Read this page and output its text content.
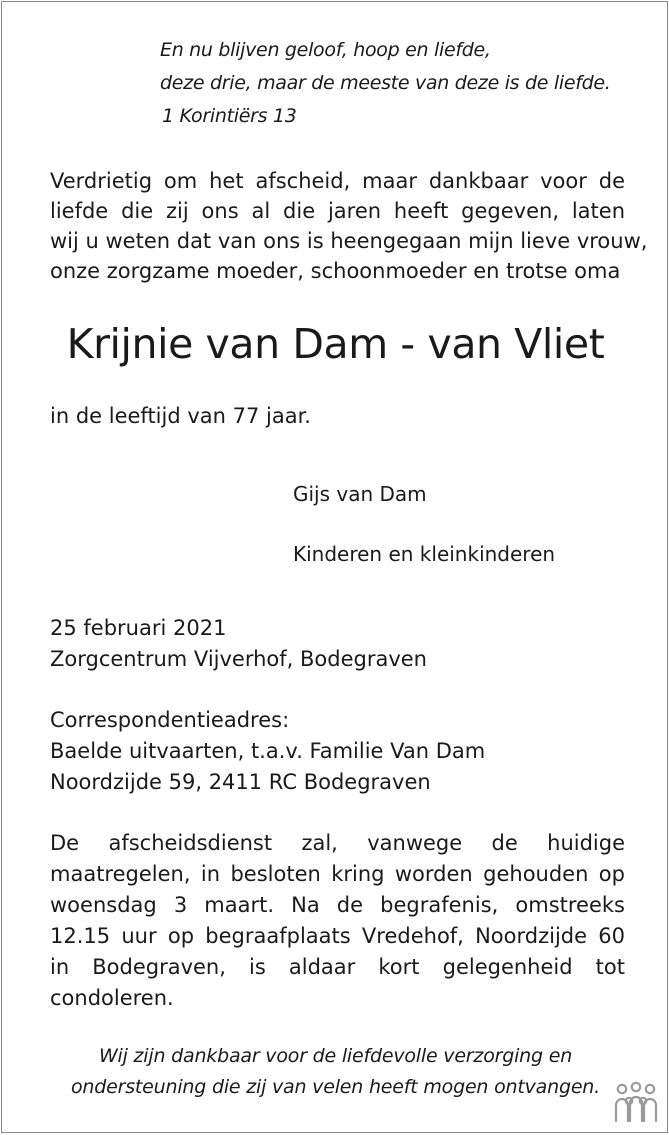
En nu blijven geloof, hoop en liefde,
deze drie, maar de meeste van deze is de liefde.
1 Korintiërs 13
Verdrietig om het afscheid, maar dankbaar voor de
liefde die zij ons al die jaren heeft gegeven, laten
wij u weten dat van ons is heengegaan mijn lieve vrouw,
onze zorgzame moeder, schoonmoeder en trotse oma
Krijnie van Dam - van Vliet
in de leeftijd van 77 jaar.
Gijs van Dam
Kinderen en kleinkinderen
25 februari 2021
Zorgcentrum Vijverhof, Bodegraven
Correspondentieadres:
Baelde uitvaarten, t.a.v. Familie Van Dam
Noordzijde 59, 2411 RC Bodegraven
De afscheidsdienst zal, vanwege de huidige
maatregelen, in besloten kring worden gehouden op
woensdag 3 maart. Na de begrafenis, omstreeks
12.15 uur op begraafplaats Vredehof, Noordzijde 60
in Bodegraven, is aldaar kort gelegenheid tot
condoleren.
Wij zijn dankbaar voor de liefdevolle verzorging en
ondersteuning die zij van velen heeft mogen ontvangen.
